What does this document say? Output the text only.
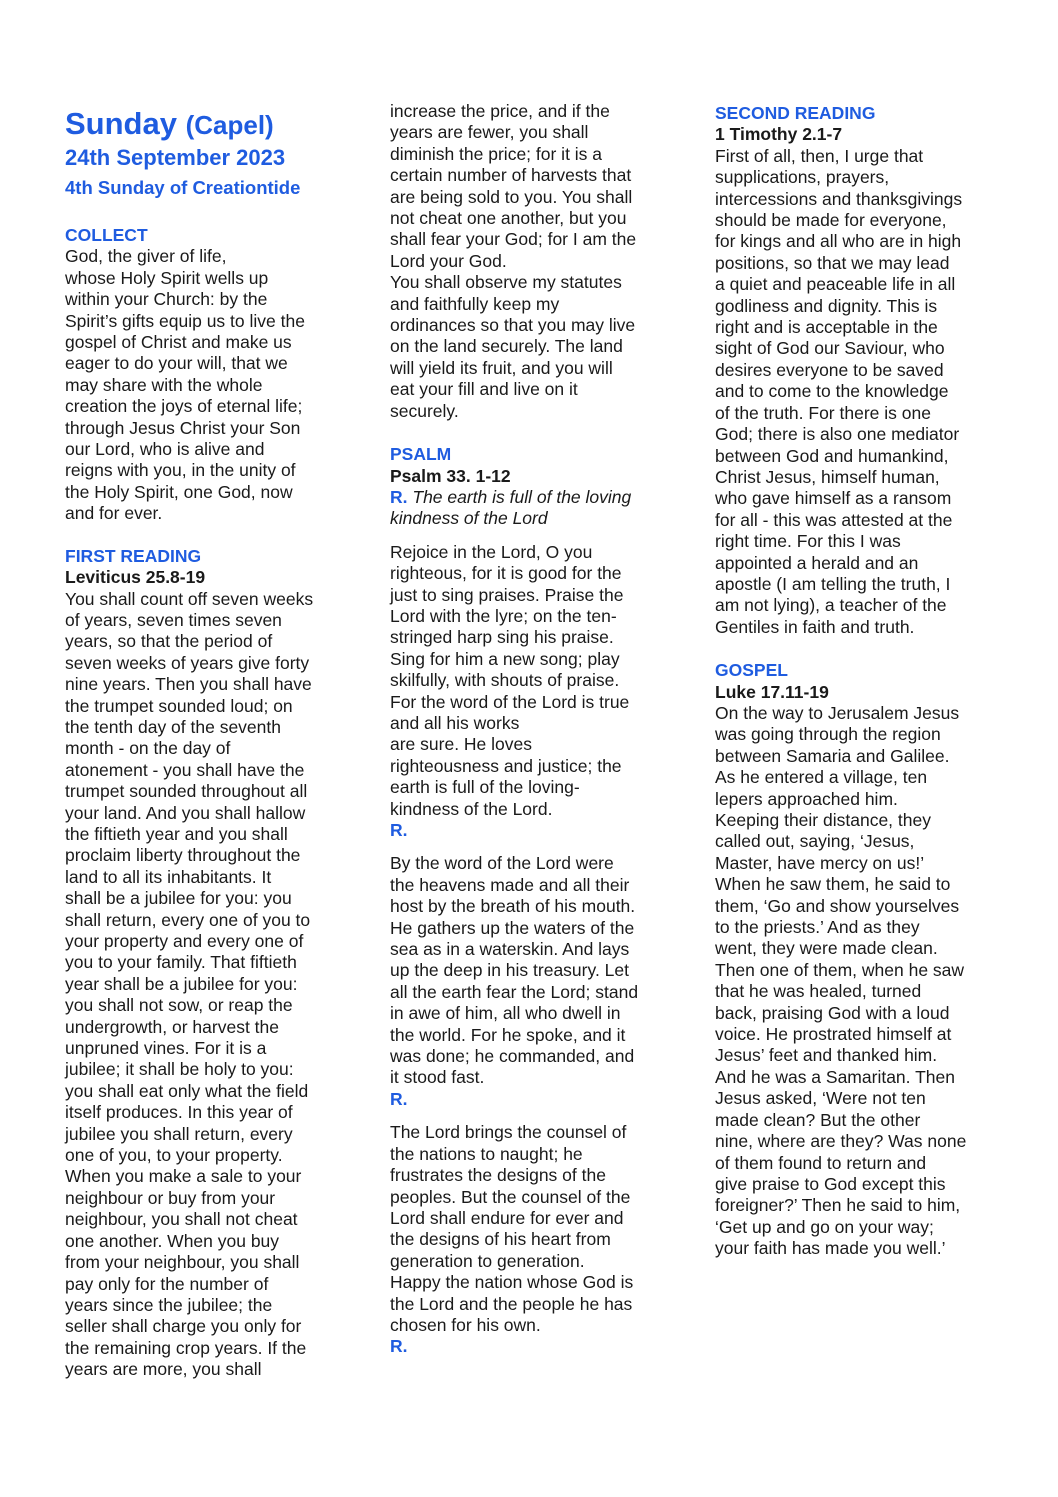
Sunday (Capel)
24th September 2023
4th Sunday of Creationtide
COLLECT

God, the giver of life,
whose Holy Spirit wells up
within your Church: by the
Spirit’s gifts equip us to live the
gospel of Christ and make us
eager to do your will, that we
may share with the whole
creation the joys of eternal life;
through Jesus Christ your Son
our Lord, who is alive and
reigns with you, in the unity of
the Holy Spirit, one God, now
and for ever.

FIRST READING
Leviticus 25.8-19

You shall count off seven weeks
of years, seven times seven
years, so that the period of
seven weeks of years give forty
nine years. Then you shall have
the trumpet sounded loud; on
the tenth day of the seventh
month - on the day of
atonement - you shall have the
trumpet sounded throughout all
your land. And you shall hallow
the fiftieth year and you shall
proclaim liberty throughout the
land to all its inhabitants. It
shall be a jubilee for you: you
shall return, every one of you to
your property and every one of
you to your family. That fiftieth
year shall be a jubilee for you:
you shall not sow, or reap the
undergrowth, or harvest the
unpruned vines. For it is a
jubilee; it shall be holy to you:
you shall eat only what the field
itself produces. In this year of
jubilee you shall return, every
one of you, to your property.
When you make a sale to your
neighbour or buy from your
neighbour, you shall not cheat
one another. When you buy
from your neighbour, you shall
pay only for the number of
years since the jubilee; the
seller shall charge you only for
the remaining crop years. If the
years are more, you shall

increase the price, and if the
years are fewer, you shall
diminish the price; for it is a
certain number of harvests that
are being sold to you. You shall
not cheat one another, but you
shall fear your God; for I am the
Lord your God.
You shall observe my statutes
and faithfully keep my
ordinances so that you may live
on the land securely. The land
will yield its fruit, and you will
eat your fill and live on it
securely.

PSALM
Psalm 33. 1-12
R. The earth is full of the loving
kindness of the Lord

Rejoice in the Lord, O you
righteous, for it is good for the
just to sing praises. Praise the
Lord with the lyre; on the ten-
stringed harp sing his praise.
Sing for him a new song; play
skilfully, with shouts of praise.
For the word of the Lord is true
and all his works
are sure. He loves
righteousness and justice; the
earth is full of the loving-
kindness of the Lord.

R.

By the word of the Lord were
the heavens made and all their
host by the breath of his mouth.
He gathers up the waters of the
sea as in a waterskin. And lays
up the deep in his treasury. Let
all the earth fear the Lord; stand
in awe of him, all who dwell in
the world. For he spoke, and it
was done; he commanded, and
it stood fast.

R.

The Lord brings the counsel of
the nations to naught; he
frustrates the designs of the
peoples. But the counsel of the
Lord shall endure for ever and
the designs of his heart from
generation to generation.
Happy the nation whose God is
the Lord and the people he has
chosen for his own.

R.
SECOND READING
1 Timothy 2.1-7

First of all, then, I urge that
supplications, prayers,
intercessions and thanksgivings
should be made for everyone,
for kings and all who are in high
positions, so that we may lead
a quiet and peaceable life in all
godliness and dignity. This is
right and is acceptable in the
sight of God our Saviour, who
desires everyone to be saved
and to come to the knowledge
of the truth. For there is one
God; there is also one mediator
between God and humankind,
Christ Jesus, himself human,
who gave himself as a ransom
for all - this was attested at the
right time. For this I was
appointed a herald and an
apostle (I am telling the truth, I
am not lying), a teacher of the
Gentiles in faith and truth.

GOSPEL
Luke 17.11-19

On the way to Jerusalem Jesus
was going through the region
between Samaria and Galilee.
As he entered a village, ten
lepers approached him.
Keeping their distance, they
called out, saying, ‘Jesus,
Master, have mercy on us!’
When he saw them, he said to
them, ‘Go and show yourselves
to the priests.’ And as they
went, they were made clean.
Then one of them, when he saw
that he was healed, turned
back, praising God with a loud
voice. He prostrated himself at
Jesus’ feet and thanked him.
And he was a Samaritan. Then
Jesus asked, ‘Were not ten
made clean? But the other
nine, where are they? Was none
of them found to return and
give praise to God except this
foreigner?’ Then he said to him,
‘Get up and go on your way;
your faith has made you well.’
